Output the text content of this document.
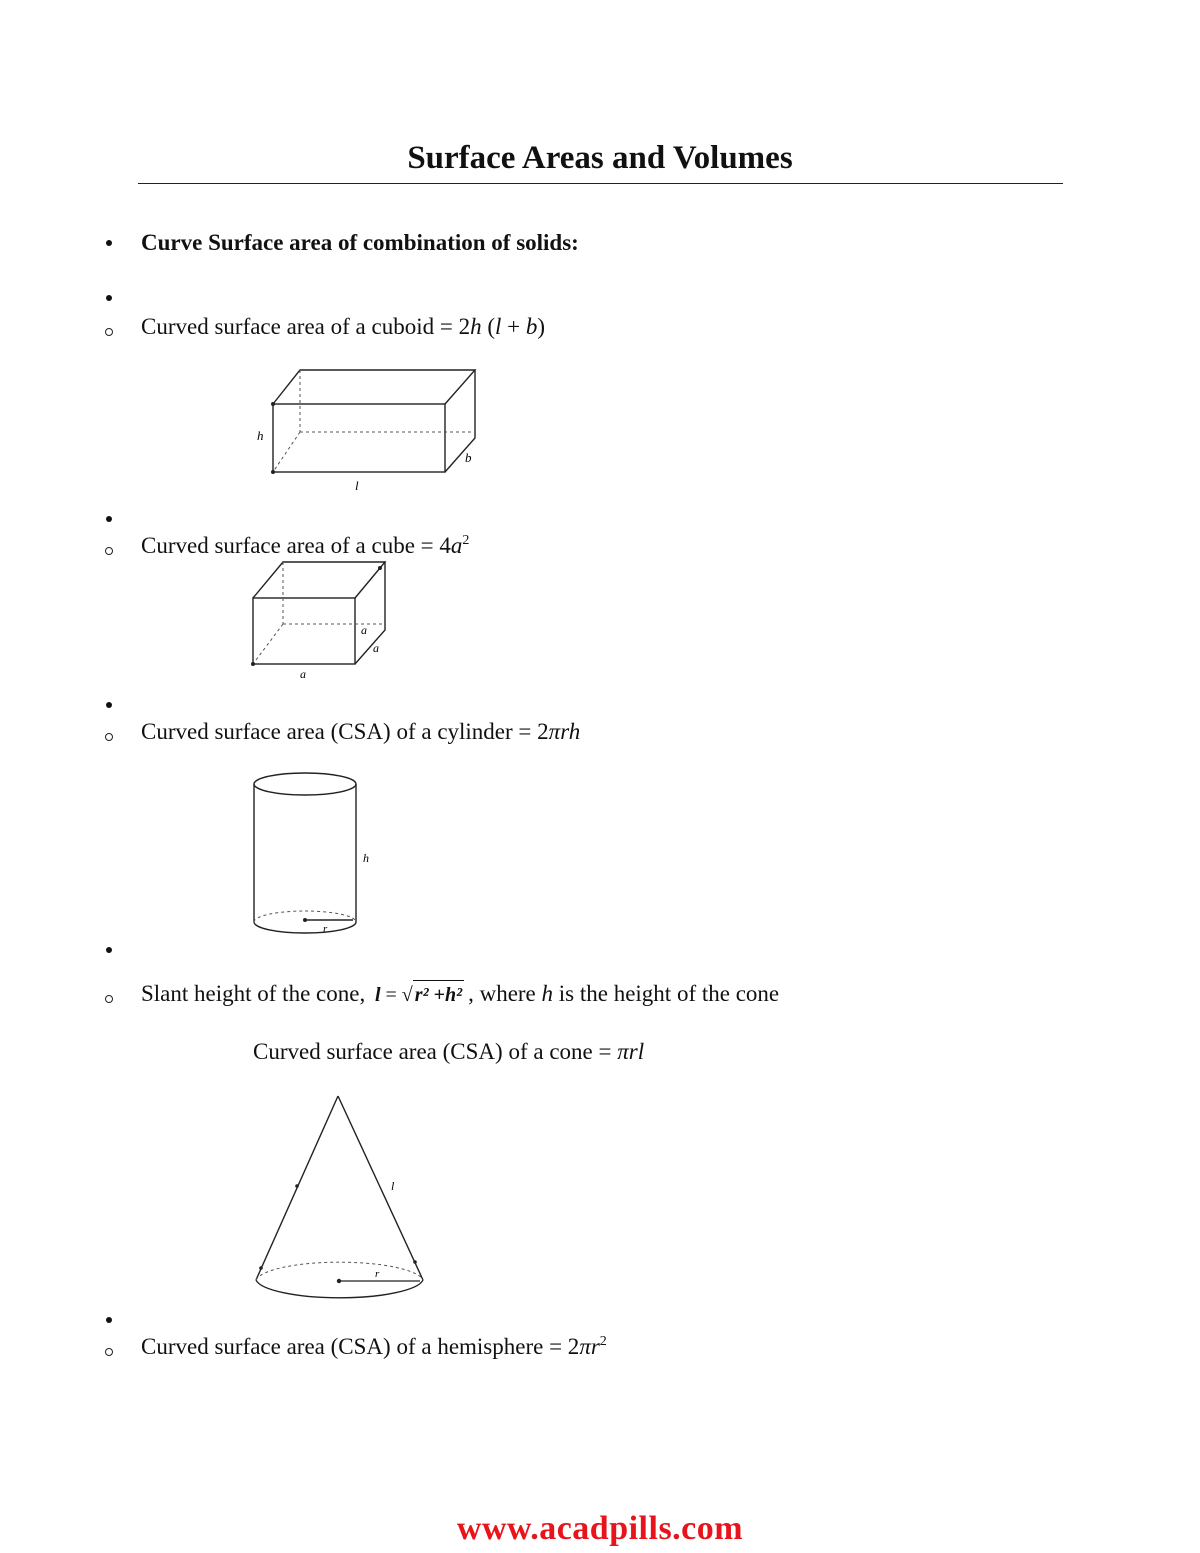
Surface Areas and Volumes
Curve Surface area of combination of solids:
Curved surface area of a cuboid = 2h (l + b)
h
b
l
Curved surface area of a cube = $4a^2$
a
a
a
Curved surface area (CSA) of a cylinder = 2πrh
h
r
Slant height of the cone, l = √ r² +h² , where h is the height of the cone
Curved surface area (CSA) of a cone = πrl
l
r
Curved surface area (CSA) of a hemisphere = $2\pi r^2$
www.acadpills.com
